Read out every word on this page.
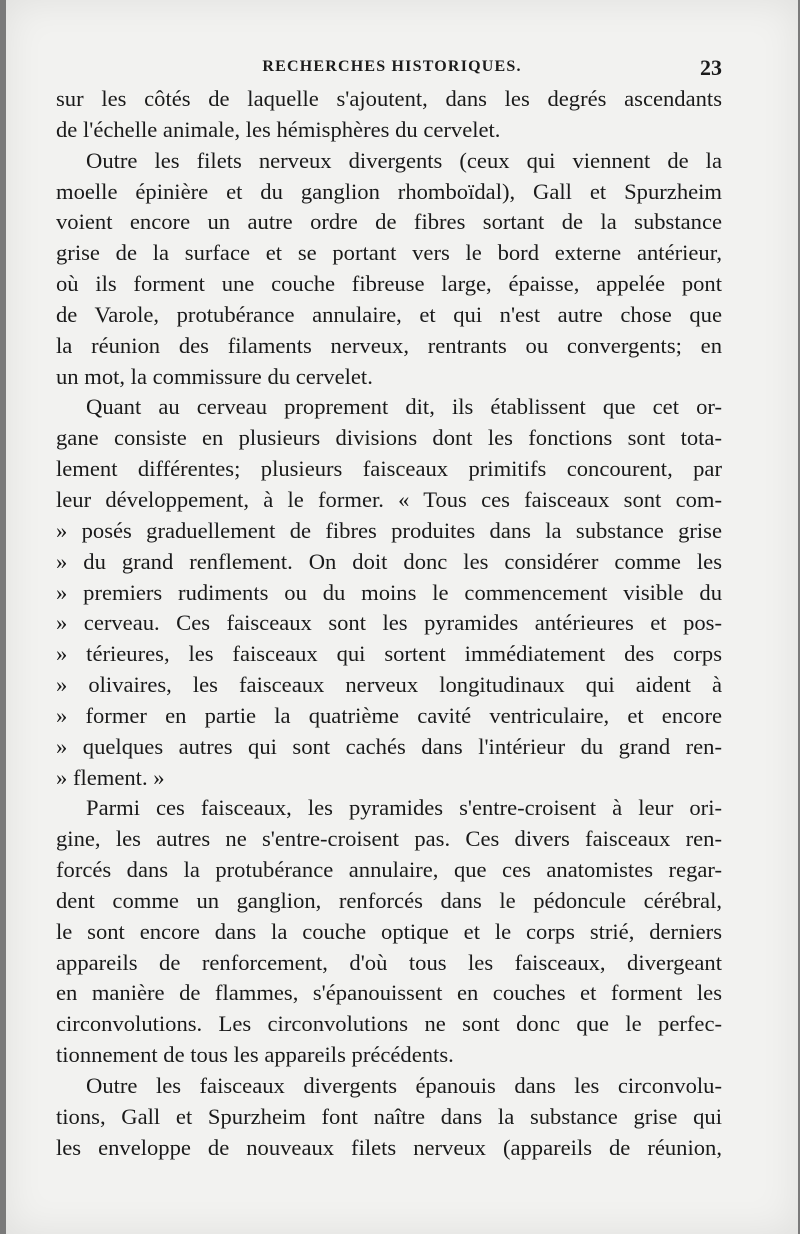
RECHERCHES HISTORIQUES.	23
sur les côtés de laquelle s'ajoutent, dans les degrés ascendants
de l'échelle animale, les hémisphères du cervelet.
Outre les filets nerveux divergents (ceux qui viennent de la
moelle épinière et du ganglion rhomboïdal), Gall et Spurzheim
voient encore un autre ordre de fibres sortant de la substance
grise de la surface et se portant vers le bord externe antérieur,
où ils forment une couche fibreuse large, épaisse, appelée pont
de Varole, protubérance annulaire, et qui n'est autre chose que
la réunion des filaments nerveux, rentrants ou convergents; en
un mot, la commissure du cervelet.
Quant au cerveau proprement dit, ils établissent que cet or-
gane consiste en plusieurs divisions dont les fonctions sont tota-
lement différentes; plusieurs faisceaux primitifs concourent, par
leur développement, à le former. « Tous ces faisceaux sont com-
» posés graduellement de fibres produites dans la substance grise
» du grand renflement. On doit donc les considérer comme les
» premiers rudiments ou du moins le commencement visible du
» cerveau. Ces faisceaux sont les pyramides antérieures et pos-
» térieures, les faisceaux qui sortent immédiatement des corps
» olivaires, les faisceaux nerveux longitudinaux qui aident à
» former en partie la quatrième cavité ventriculaire, et encore
» quelques autres qui sont cachés dans l'intérieur du grand ren-
» flement. »
Parmi ces faisceaux, les pyramides s'entre-croisent à leur ori-
gine, les autres ne s'entre-croisent pas. Ces divers faisceaux ren-
forcés dans la protubérance annulaire, que ces anatomistes regar-
dent comme un ganglion, renforcés dans le pédoncule cérébral,
le sont encore dans la couche optique et le corps strié, derniers
appareils de renforcement, d'où tous les faisceaux, divergeant
en manière de flammes, s'épanouissent en couches et forment les
circonvolutions. Les circonvolutions ne sont donc que le perfec-
tionnement de tous les appareils précédents.
Outre les faisceaux divergents épanouis dans les circonvolu-
tions, Gall et Spurzheim font naître dans la substance grise qui
les enveloppe de nouveaux filets nerveux (appareils de réunion,
